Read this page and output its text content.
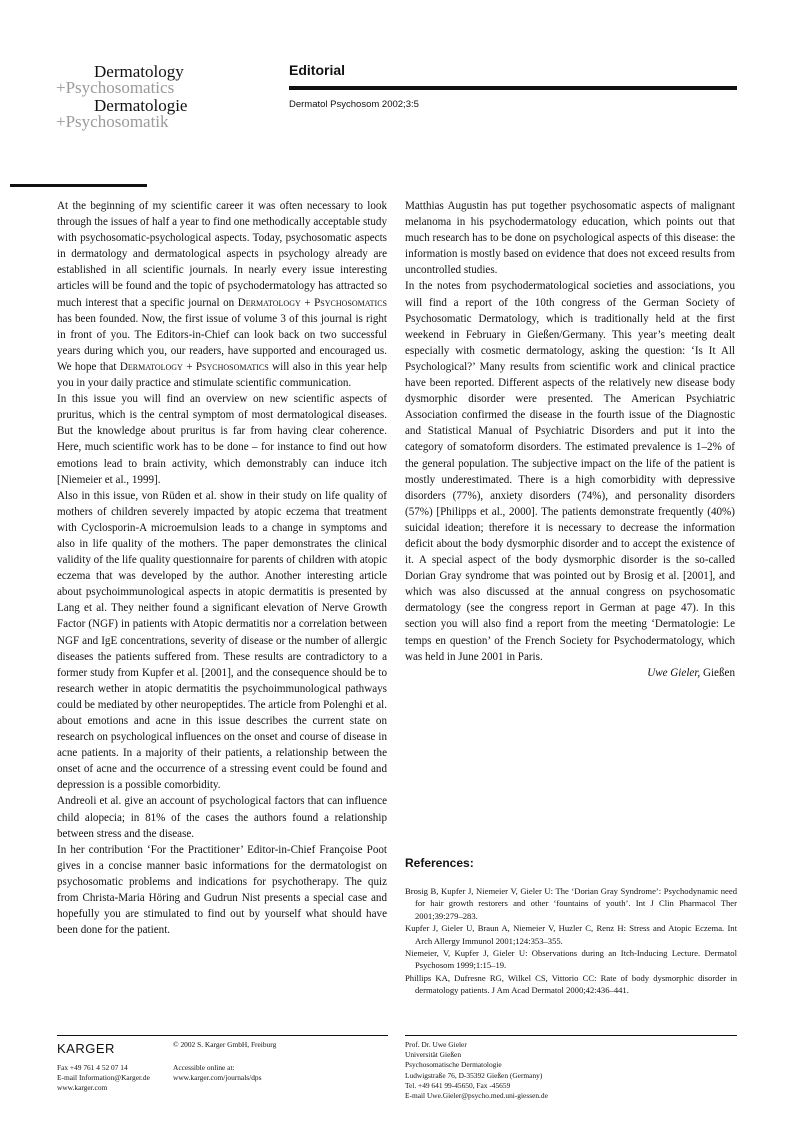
Dermatology
+Psychosomatics
Dermatologie
+Psychosomatik
Editorial
Dermatol Psychosom 2002;3:5

At the beginning of my scientific career it was often necessary to look through the issues of half a year to find one methodically acceptable study with psychosomatic-psychological aspects. Today, psychosomatic aspects in dermatology and dermatological aspects in psychology already are established in all scientific journals. In nearly every issue interesting articles will be found and the topic of psychodermatology has attracted so much interest that a specific journal on Dermatology + Psychosomatics has been founded. Now, the first issue of volume 3 of this journal is right in front of you. The Editors-in-Chief can look back on two successful years during which you, our readers, have supported and encouraged us. We hope that Dermatology + Psychosomatics will also in this year help you in your daily practice and stimulate scientific communication.

In this issue you will find an overview on new scientific aspects of pruritus, which is the central symptom of most dermatological diseases. But the knowledge about pruritus is far from having clear coherence. Here, much scientific work has to be done – for instance to find out how emotions lead to brain activity, which demonstrably can induce itch [Niemeier et al., 1999].

Also in this issue, von Rüden et al. show in their study on life quality of mothers of children severely impacted by atopic eczema that treatment with Cyclosporin-A microemulsion leads to a change in symptoms and also in life quality of the mothers. The paper demonstrates the clinical validity of the life quality questionnaire for parents of children with atopic eczema that was developed by the author. Another interesting article about psychoimmunological aspects in atopic dermatitis is presented by Lang et al. They neither found a significant elevation of Nerve Growth Factor (NGF) in patients with Atopic dermatitis nor a correlation between NGF and IgE concentrations, severity of disease or the number of allergic diseases the patients suffered from. These results are contradictory to a former study from Kupfer et al. [2001], and the consequence should be to research wether in atopic dermatitis the psychoimmunological pathways could be mediated by other neuropeptides. The article from Polenghi et al. about emotions and acne in this issue describes the current state on research on psychological influences on the onset and course of disease in acne patients. In a majority of their patients, a relationship between the onset of acne and the occurrence of a stressing event could be found and depression is a possible comorbidity.

Andreoli et al. give an account of psychological factors that can influence child alopecia; in 81% of the cases the authors found a relationship between stress and the disease.

In her contribution ‘For the Practitioner’ Editor-in-Chief Françoise Poot gives in a concise manner basic informations for the dermatologist on psychosomatic problems and indications for psychotherapy. The quiz from Christa-Maria Höring and Gudrun Nist presents a special case and hopefully you are stimulated to find out by yourself what should have been done for the patient.

Matthias Augustin has put together psychosomatic aspects of malignant melanoma in his psychodermatology education, which points out that much research has to be done on psychological aspects of this disease: the information is mostly based on evidence that does not exceed results from uncontrolled studies.

In the notes from psychodermatological societies and associations, you will find a report of the 10th congress of the German Society of Psychosomatic Dermatology, which is traditionally held at the first weekend in February in Gießen/Germany. This year’s meeting dealt especially with cosmetic dermatology, asking the question: ‘Is It All Psychological?’ Many results from scientific work and clinical practice have been reported. Different aspects of the relatively new disease body dysmorphic disorder were presented. The American Psychiatric Association confirmed the disease in the fourth issue of the Diagnostic and Statistical Manual of Psychiatric Disorders and put it into the category of somatoform disorders. The estimated prevalence is 1–2% of the general population. The subjective impact on the life of the patient is mostly underestimated. There is a high comorbidity with depressive disorders (77%), anxiety disorders (74%), and personality disorders (57%) [Philipps et al., 2000]. The patients demonstrate frequently (40%) suicidal ideation; therefore it is necessary to decrease the information deficit about the body dysmorphic disorder and to accept the existence of it. A special aspect of the body dysmorphic disorder is the so-called Dorian Gray syndrome that was pointed out by Brosig et al. [2001], and which was also discussed at the annual congress on psychosomatic dermatology (see the congress report in German at page 47). In this section you will also find a report from the meeting ‘Dermatologie: Le temps en question’ of the French Society for Psychodermatology, which was held in June 2001 in Paris.

Uwe Gieler, Gießen

References:

Brosig B, Kupfer J, Niemeier V, Gieler U: The ‘Dorian Gray Syndrome’: Psychodynamic need for hair growth restorers and other ‘fountains of youth’. Int J Clin Pharmacol Ther 2001;39:279–283.

Kupfer J, Gieler U, Braun A, Niemeier V, Huzler C, Renz H: Stress and Atopic Eczema. Int Arch Allergy Immunol 2001;124:353–355.

Niemeier, V, Kupfer J, Gieler U: Observations during an Itch-Inducing Lecture. Dermatol Psychosom 1999;1:15–19.

Phillips KA, Dufresne RG, Wilkel CS, Vittorio CC: Rate of body dysmorphic disorder in dermatology patients. J Am Acad Dermatol 2000;42:436–441.

KARGER
Fax +49 761 4 52 07 14
E-mail Information@Karger.de
www.karger.com
© 2002 S. Karger GmbH, Freiburg
Accessible online at:
www.karger.com/journals/dps
Prof. Dr. Uwe Gieler
Universität Gießen
Psychosomatische Dermatologie
Ludwigstraße 76, D-35392 Gießen (Germany)
Tel. +49 641 99-45650, Fax -45659
E-mail Uwe.Gieler@psycho.med.uni-giessen.de
